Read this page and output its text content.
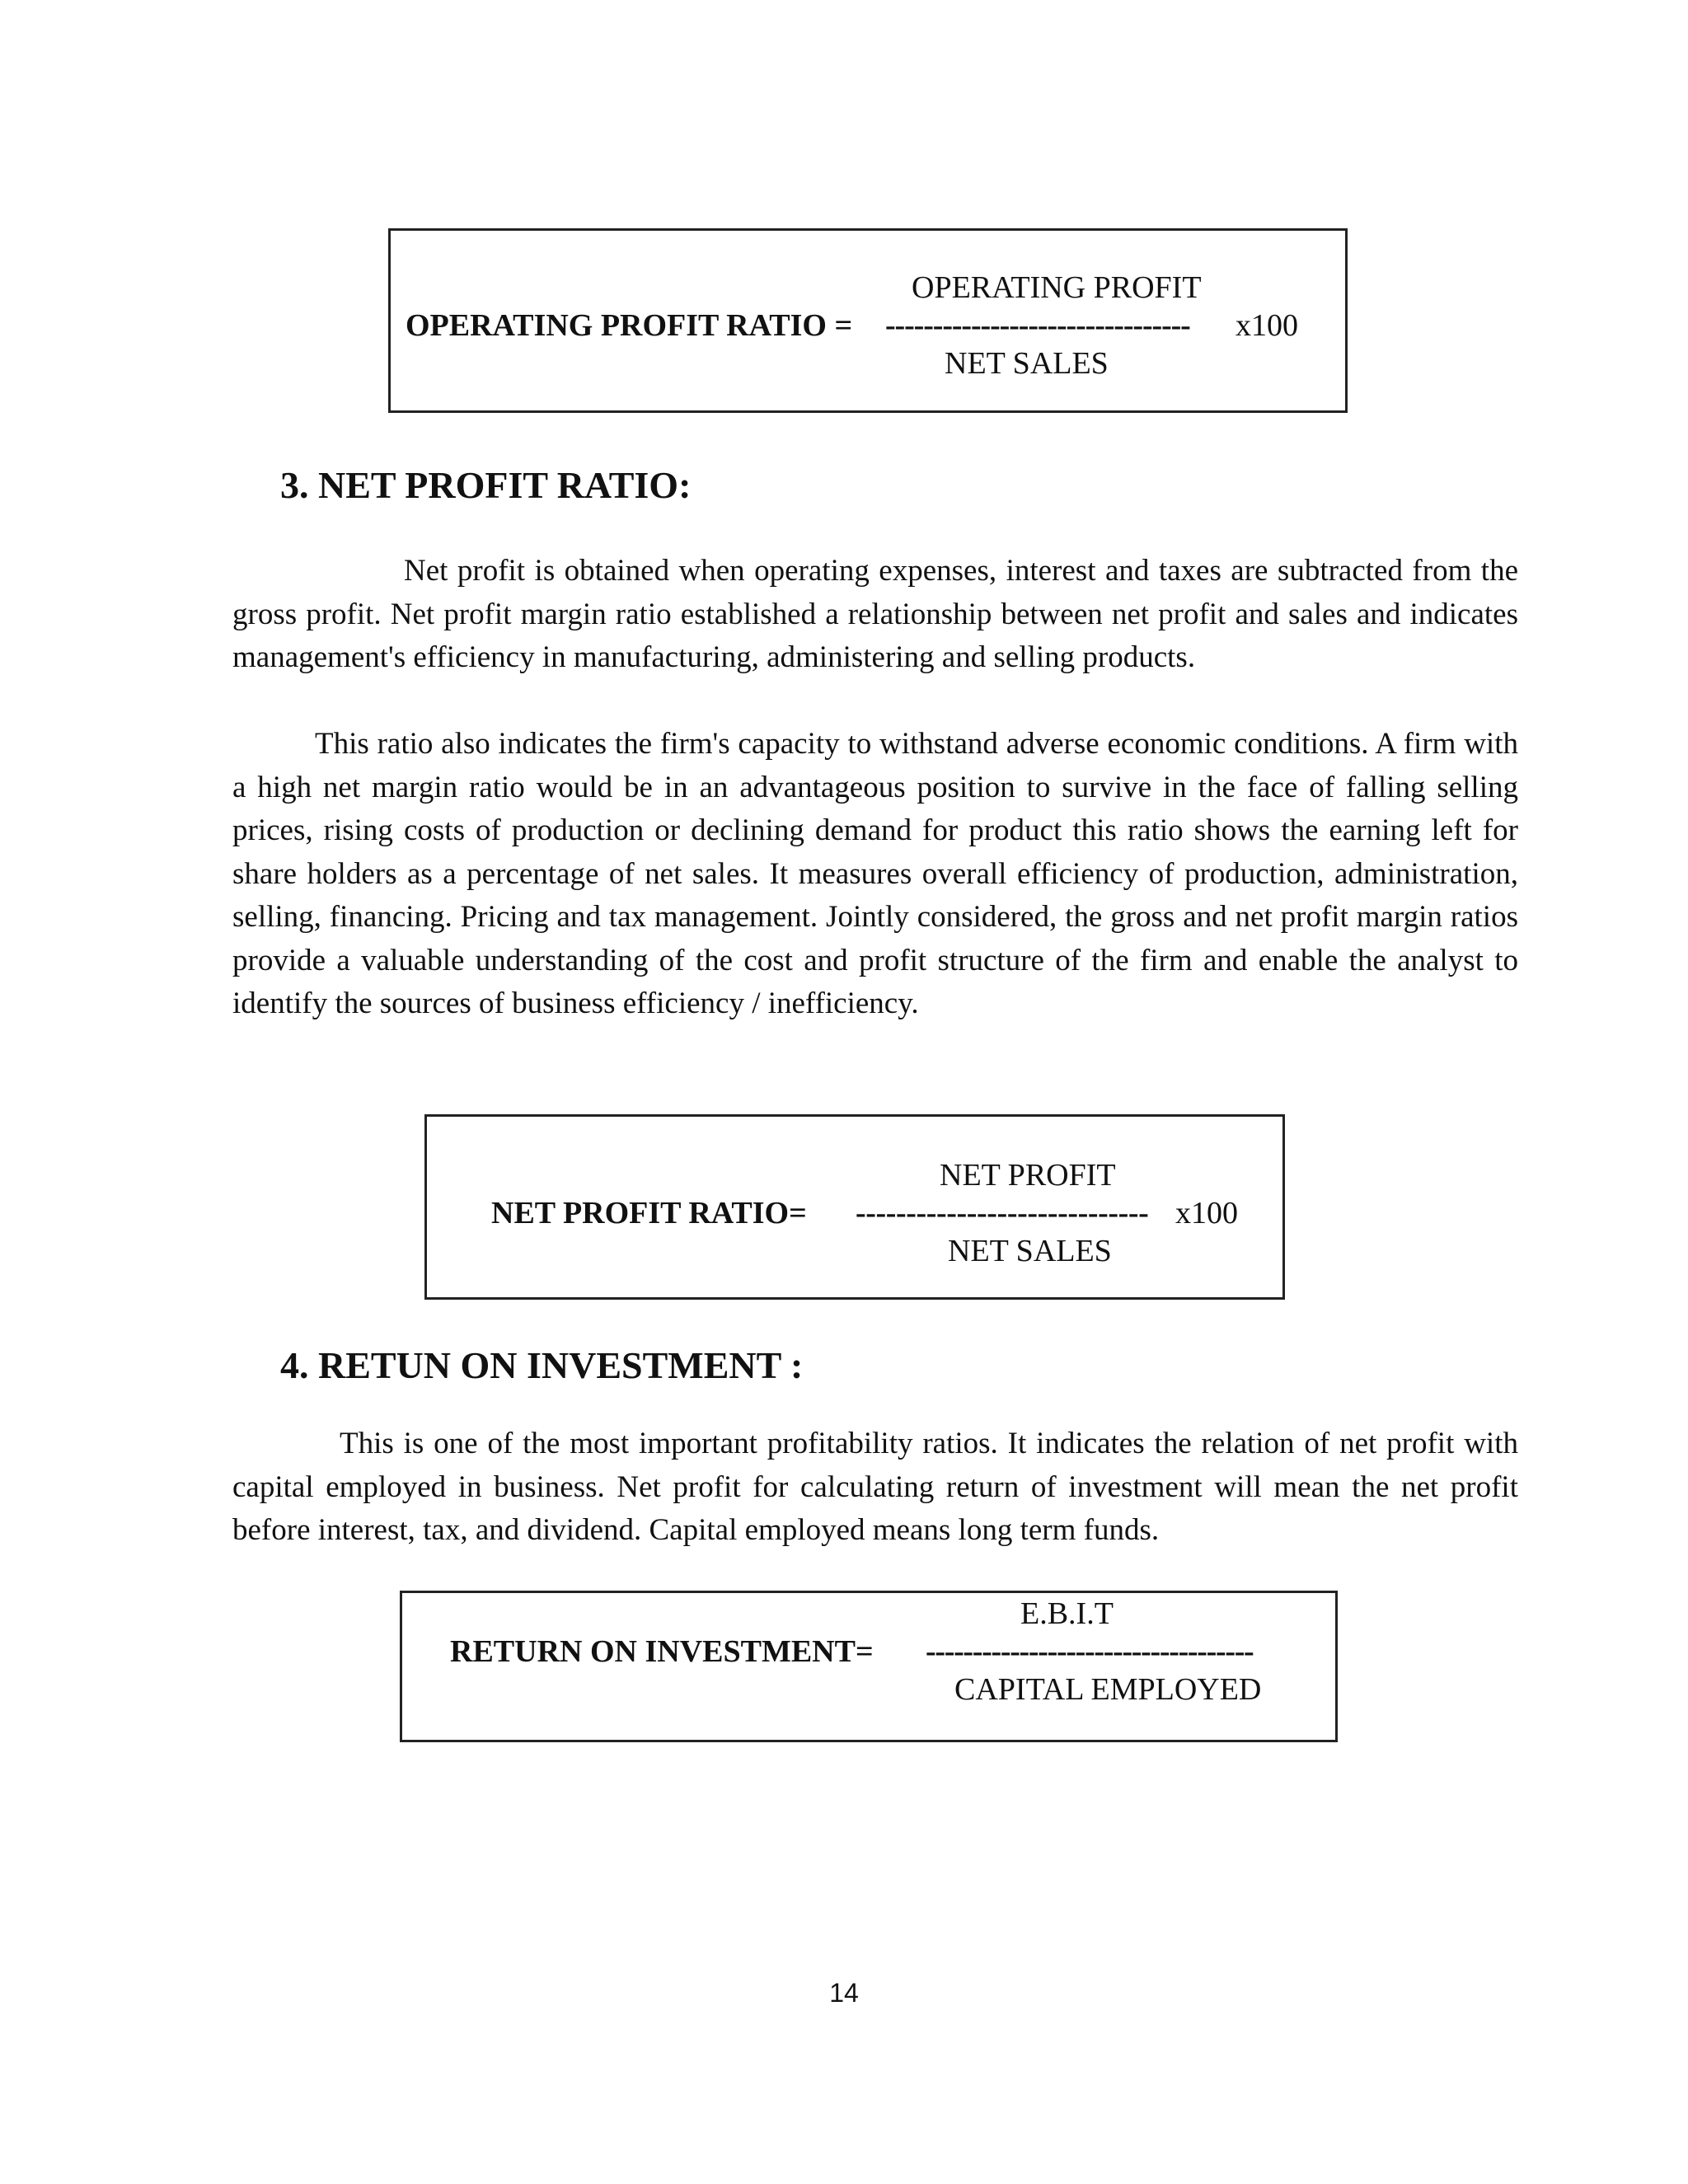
OPERATING PROFIT
OPERATING PROFIT RATIO = -------------------------------- x100
NET SALES
3. NET PROFIT RATIO:

Net profit is obtained when operating expenses, interest and taxes are subtracted from the gross profit. Net profit margin ratio established a relationship between net profit and sales and indicates management's efficiency in manufacturing, administering and selling products.

This ratio also indicates the firm's capacity to withstand adverse economic conditions. A firm with a high net margin ratio would be in an advantageous position to survive in the face of falling selling prices, rising costs of production or declining demand for product this ratio shows the earning left for share holders as a percentage of net sales. It measures overall efficiency of production, administration, selling, financing. Pricing and tax management. Jointly considered, the gross and net profit margin ratios provide a valuable understanding of the cost and profit structure of the firm and enable the analyst to identify the sources of business efficiency / inefficiency.

NET PROFIT
NET PROFIT RATIO= ----------------------------- x100
NET SALES
4. RETUN ON INVESTMENT :

This is one of the most important profitability ratios. It indicates the relation of net profit with capital employed in business. Net profit for calculating return of investment will mean the net profit before interest, tax, and dividend. Capital employed means long term funds.

E.B.I.T
RETURN ON INVESTMENT= -----------------------------------
CAPITAL EMPLOYED
14
